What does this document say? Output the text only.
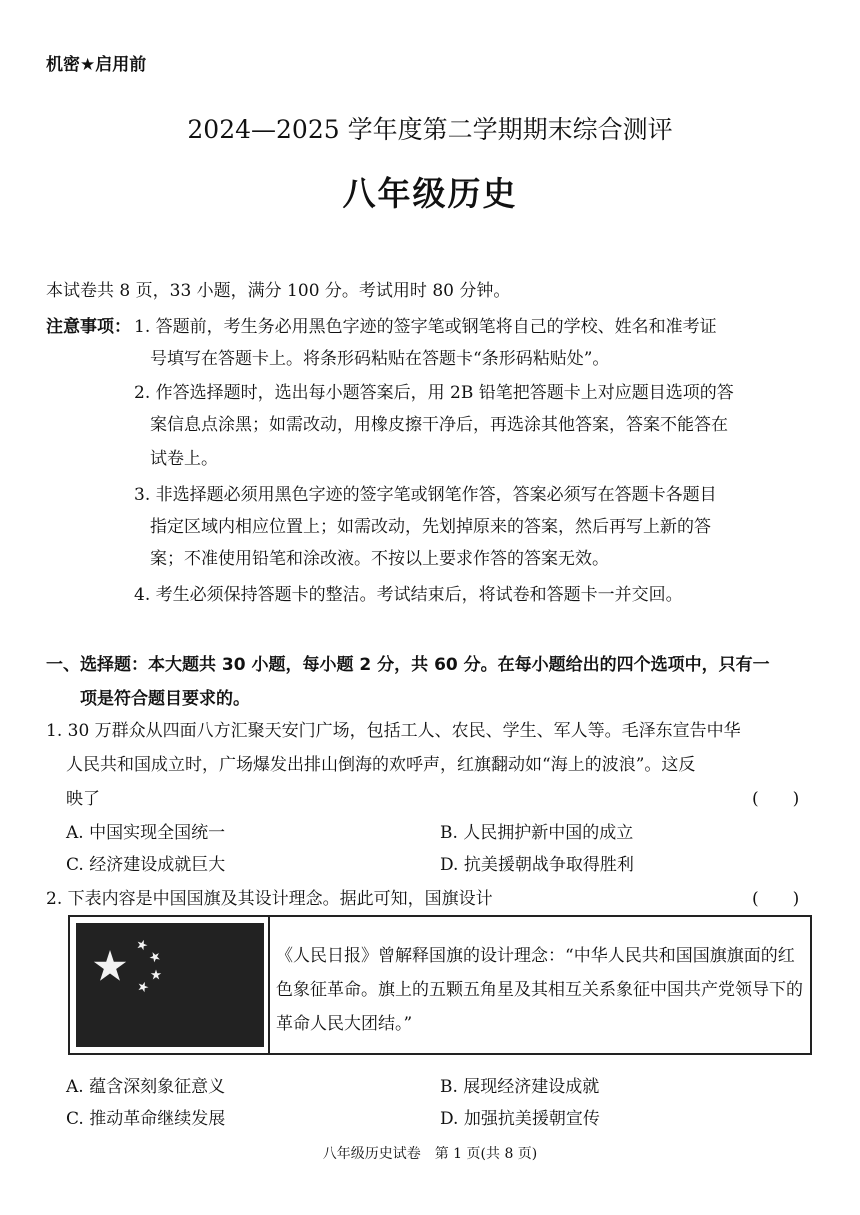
机密★启用前
2024—2025 学年度第二学期期末综合测评
八年级历史
本试卷共 8 页，33 小题，满分 100 分。考试用时 80 分钟。
注意事项： 1. 答题前，考生务必用黑色字迹的签字笔或钢笔将自己的学校、姓名和准考证
号填写在答题卡上。将条形码粘贴在答题卡“条形码粘贴处”。
2. 作答选择题时，选出每小题答案后，用 2B 铅笔把答题卡上对应题目选项的答
案信息点涂黑；如需改动，用橡皮擦干净后，再选涂其他答案，答案不能答在
试卷上。
3. 非选择题必须用黑色字迹的签字笔或钢笔作答，答案必须写在答题卡各题目
指定区域内相应位置上；如需改动，先划掉原来的答案，然后再写上新的答
案；不准使用铅笔和涂改液。不按以上要求作答的答案无效。
4. 考生必须保持答题卡的整洁。考试结束后，将试卷和答题卡一并交回。
一、选择题：本大题共 30 小题，每小题 2 分，共 60 分。在每小题给出的四个选项中，只有一
项是符合题目要求的。
1. 30 万群众从四面八方汇聚天安门广场，包括工人、农民、学生、军人等。毛泽东宣告中华
人民共和国成立时，广场爆发出排山倒海的欢呼声，红旗翻动如“海上的波浪”。这反
映了	(　　)
A. 中国实现全国统一	B. 人民拥护新中国的成立
C. 经济建设成就巨大	D. 抗美援朝战争取得胜利
2. 下表内容是中国国旗及其设计理念。据此可知，国旗设计	(　　)
《人民日报》曾解释国旗的设计理念：“中华人民共和国国旗旗面的红色象征革命。旗上的五颗五角星及其相互关系象征中国共产党领导下的革命人民大团结。”
A. 蕴含深刻象征意义	B. 展现经济建设成就
C. 推动革命继续发展	D. 加强抗美援朝宣传
八年级历史试卷　第 1 页(共 8 页)
